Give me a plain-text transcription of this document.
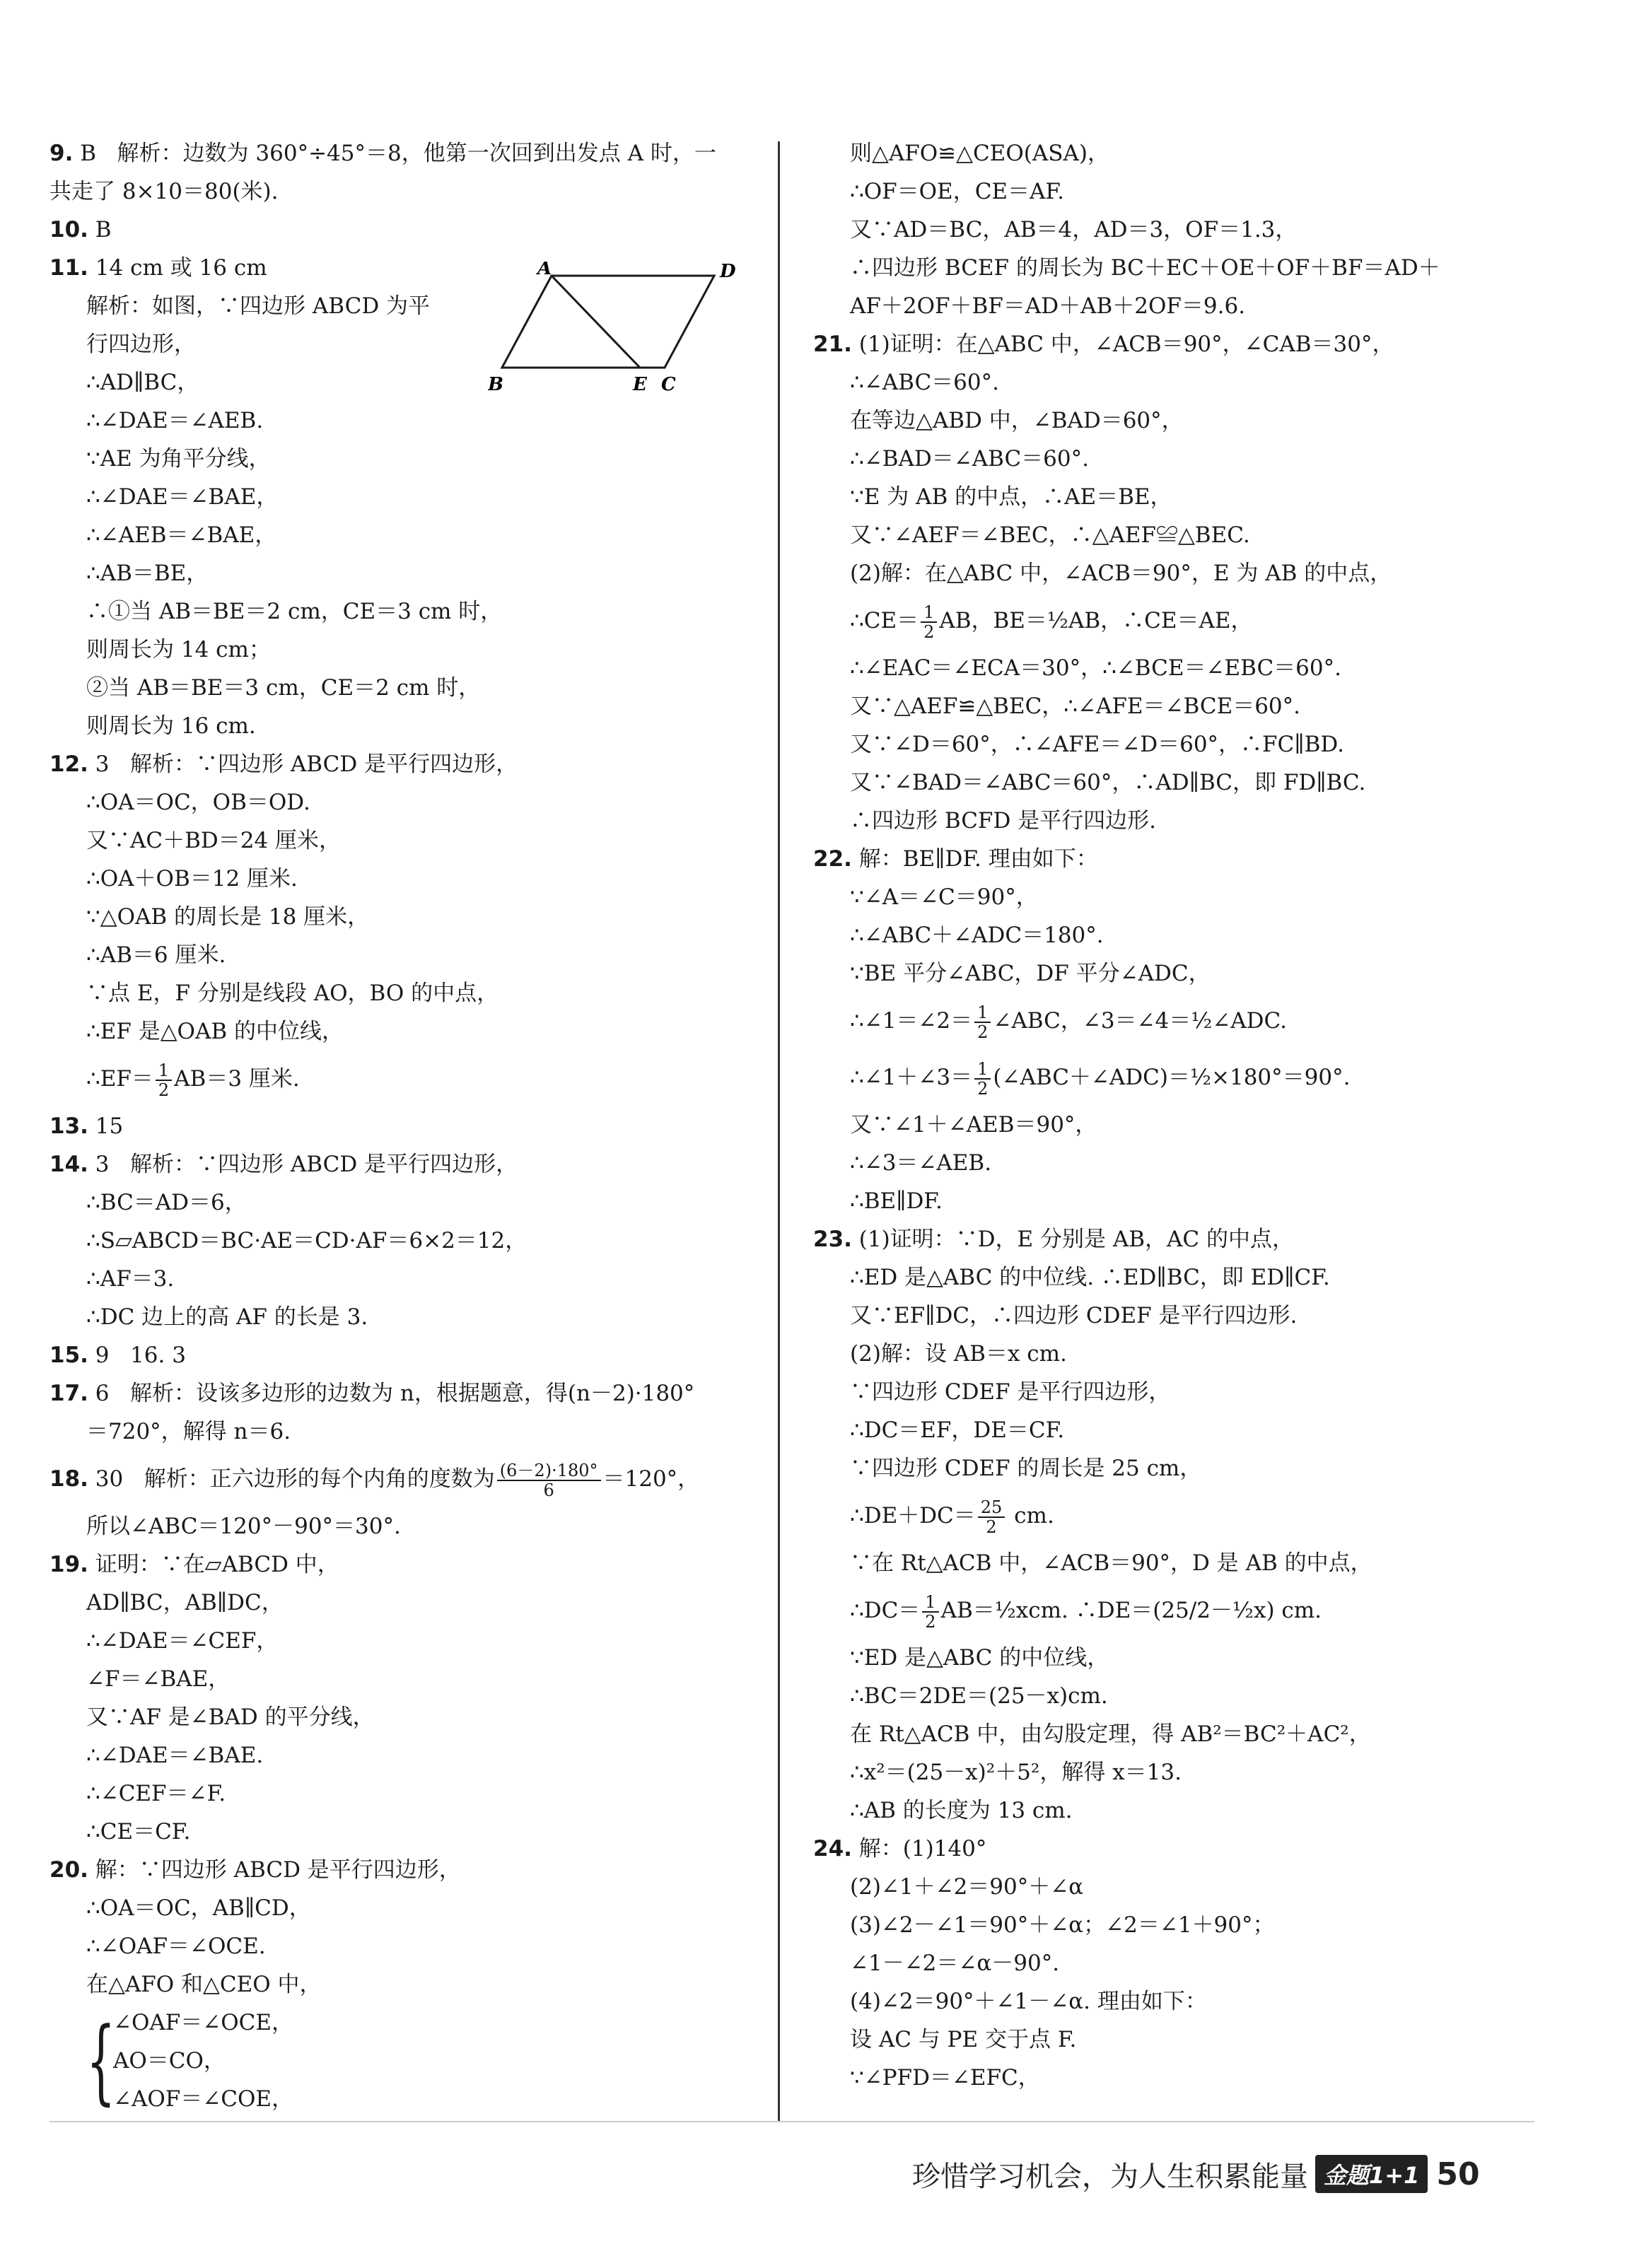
9. B   解析：边数为 360°÷45°＝8，他第一次回到出发点 A 时，一
共走了 8×10＝80(米).
10. B
11. 14 cm 或 16 cm
解析：如图，∵四边形 ABCD 为平
行四边形，
∴AD∥BC，
∴∠DAE＝∠AEB.
∵AE 为角平分线，
∴∠DAE＝∠BAE，
∴∠AEB＝∠BAE，
∴AB＝BE，
∴①当 AB＝BE＝2 cm，CE＝3 cm 时，
则周长为 14 cm；
②当 AB＝BE＝3 cm，CE＝2 cm 时，
则周长为 16 cm.
12. 3   解析：∵四边形 ABCD 是平行四边形，
∴OA＝OC，OB＝OD.
又∵AC＋BD＝24 厘米，
∴OA＋OB＝12 厘米.
∵△OAB 的周长是 18 厘米，
∴AB＝6 厘米.
∵点 E，F 分别是线段 AO，BO 的中点，
∴EF 是△OAB 的中位线，
∴EF＝ $\frac{1}{2} AB=3$ 厘米.
13. 15
14. 3   解析：∵四边形 ABCD 是平行四边形，
∴BC＝AD＝6，
∴S▱ABCD＝BC·AE＝CD·AF＝6×2＝12，
∴AF＝3.
∴DC 边上的高 AF 的长是 3.
15. 9   16. 3
17. 6   解析：设该多边形的边数为 n，根据题意，得(n－2)·180°
＝720°，解得 n＝6.
18. 30   解析：正六边形的每个内角的度数为 $\frac{(6-2)\cdot 180^\circ}{6} =120^\circ$，
所以∠ABC＝120°－90°＝30°.
19. 证明：∵在▱ABCD 中，
AD∥BC，AB∥DC，
∴∠DAE＝∠CEF，
∠F＝∠BAE，
又∵AF 是∠BAD 的平分线，
∴∠DAE＝∠BAE.
∴∠CEF＝∠F.
∴CE＝CF.
20. 解：∵四边形 ABCD 是平行四边形，
∴OA＝OC，AB∥CD，
∴∠OAF＝∠OCE.
在△AFO 和△CEO 中，
{
∠OAF＝∠OCE，
AO＝CO，
∠AOF＝∠COE，
则△AFO≌△CEO(ASA)，
∴OF＝OE，CE＝AF.
又∵AD＝BC，AB＝4，AD＝3，OF＝1.3，
∴四边形 BCEF 的周长为 BC＋EC＋OE＋OF＋BF＝AD＋
AF＋2OF＋BF＝AD＋AB＋2OF＝9.6.
21. (1)证明：在△ABC 中，∠ACB＝90°，∠CAB＝30°，
∴∠ABC＝60°.
在等边△ABD 中，∠BAD＝60°，
∴∠BAD＝∠ABC＝60°.
∵E 为 AB 的中点，∴AE＝BE，
又∵∠AEF＝∠BEC，∴△AEF≌△BEC.
(2)解：在△ABC 中，∠ACB＝90°，E 为 AB 的中点，
∴CE＝ $\frac{1}{2}$ AB，BE＝½AB，∴CE＝AE，
∴∠EAC＝∠ECA＝30°，∴∠BCE＝∠EBC＝60°.
又∵△AEF≌△BEC，∴∠AFE＝∠BCE＝60°.
又∵∠D＝60°，∴∠AFE＝∠D＝60°，∴FC∥BD.
又∵∠BAD＝∠ABC＝60°，∴AD∥BC，即 FD∥BC.
∴四边形 BCFD 是平行四边形.
22. 解：BE∥DF. 理由如下：
∵∠A＝∠C＝90°，
∴∠ABC＋∠ADC＝180°.
∵BE 平分∠ABC，DF 平分∠ADC，
∴∠1＝∠2＝ $\frac{1}{2}$ ∠ABC，∠3＝∠4＝½∠ADC.
∴∠1＋∠3＝ $\frac{1}{2}$ (∠ABC＋∠ADC)＝½×180°＝90°.
又∵∠1＋∠AEB＝90°，
∴∠3＝∠AEB.
∴BE∥DF.
23. (1)证明：∵D，E 分别是 AB，AC 的中点，
∴ED 是△ABC 的中位线. ∴ED∥BC，即 ED∥CF.
又∵EF∥DC，∴四边形 CDEF 是平行四边形.
(2)解：设 AB＝x cm.
∵四边形 CDEF 是平行四边形，
∴DC＝EF，DE＝CF.
∵四边形 CDEF 的周长是 25 cm，
∴DE＋DC＝ $\frac{25}{2}$ cm.
∵在 Rt△ACB 中，∠ACB＝90°，D 是 AB 的中点，
∴DC＝ $\frac{1}{2}$ AB＝½xcm. ∴DE＝(25/2－½x) cm.
∵ED 是△ABC 的中位线，
∴BC＝2DE＝(25－x)cm.
在 Rt△ACB 中，由勾股定理，得 AB²＝BC²＋AC²，
∴x²＝(25－x)²＋5²，解得 x＝13.
∴AB 的长度为 13 cm.
24. 解：(1)140°
(2)∠1＋∠2＝90°＋∠α
(3)∠2－∠1＝90°＋∠α；∠2＝∠1＋90°；
∠1－∠2＝∠α－90°.
(4)∠2＝90°＋∠1－∠α. 理由如下：
设 AC 与 PE 交于点 F.
∵∠PFD＝∠EFC，
A	D
B	E C
珍惜学习机会，为人生积累能量 金题1+1 50
